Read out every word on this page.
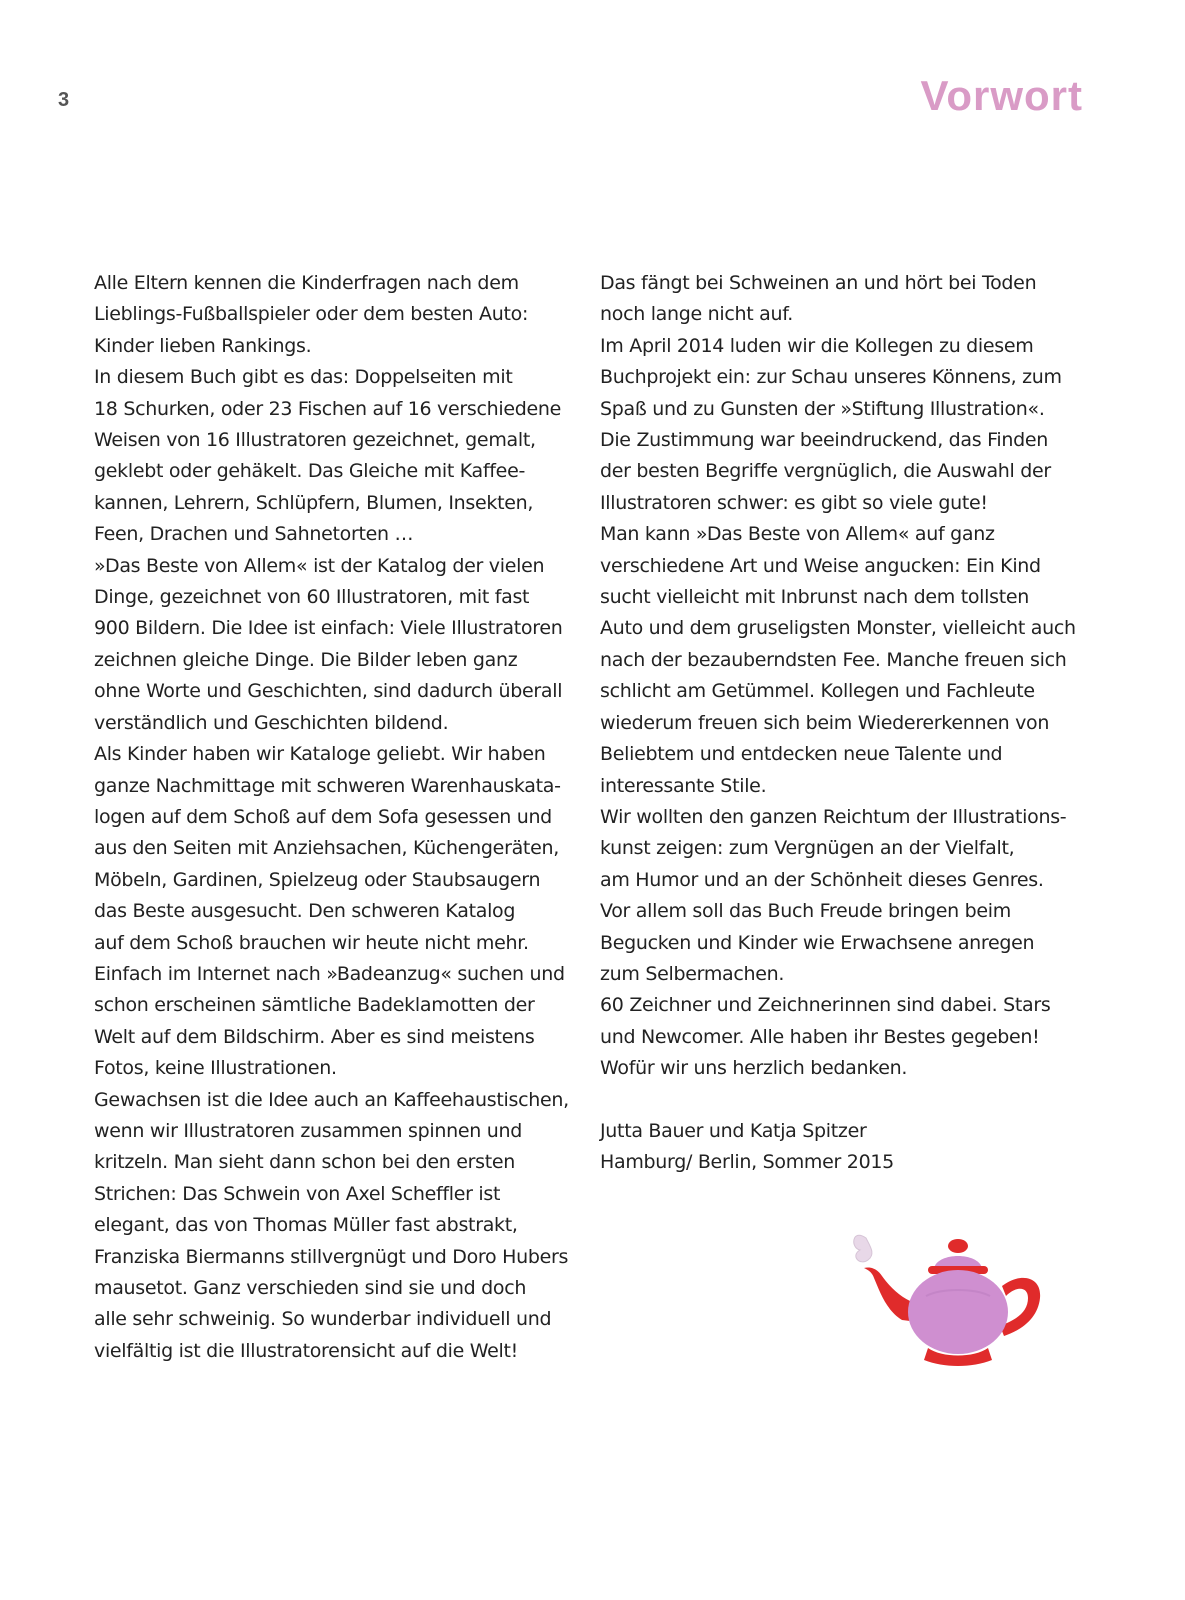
3	Vorwort
Alle Eltern kennen die Kinderfragen nach dem
Lieblings-Fußballspieler oder dem besten Auto:
Kinder lieben Rankings.
In diesem Buch gibt es das: Doppelseiten mit
18 Schurken, oder 23 Fischen auf 16 verschiedene
Weisen von 16 Illustratoren gezeichnet, gemalt,
geklebt oder gehäkelt. Das Gleiche mit Kaffee-
kannen, Lehrern, Schlüpfern, Blumen, Insekten,
Feen, Drachen und Sahnetorten …
»Das Beste von Allem« ist der Katalog der vielen
Dinge, gezeichnet von 60 Illustratoren, mit fast
900 Bildern. Die Idee ist einfach: Viele Illustratoren
zeichnen gleiche Dinge. Die Bilder leben ganz
ohne Worte und Geschichten, sind dadurch überall
verständlich und Geschichten bildend.
Als Kinder haben wir Kataloge geliebt. Wir haben
ganze Nachmittage mit schweren Warenhauskata-
logen auf dem Schoß auf dem Sofa gesessen und
aus den Seiten mit Anziehsachen, Küchengeräten,
Möbeln, Gardinen, Spielzeug oder Staubsaugern
das Beste ausgesucht. Den schweren Katalog
auf dem Schoß brauchen wir heute nicht mehr.
Einfach im Internet nach »Badeanzug« suchen und
schon erscheinen sämtliche Badeklamotten der
Welt auf dem Bildschirm. Aber es sind meistens
Fotos, keine Illustrationen.
Gewachsen ist die Idee auch an Kaffeehaustischen,
wenn wir Illustratoren zusammen spinnen und
kritzeln. Man sieht dann schon bei den ersten
Strichen: Das Schwein von Axel Scheffler ist
elegant, das von Thomas Müller fast abstrakt,
Franziska Biermanns stillvergnügt und Doro Hubers
mausetot. Ganz verschieden sind sie und doch
alle sehr schweinig. So wunderbar individuell und
vielfältig ist die Illustratorensicht auf die Welt!
Das fängt bei Schweinen an und hört bei Toden
noch lange nicht auf.
Im April 2014 luden wir die Kollegen zu diesem
Buchprojekt ein: zur Schau unseres Könnens, zum
Spaß und zu Gunsten der »Stiftung Illustration«.
Die Zustimmung war beeindruckend, das Finden
der besten Begriffe vergnüglich, die Auswahl der
Illustratoren schwer: es gibt so viele gute!
Man kann »Das Beste von Allem« auf ganz
verschiedene Art und Weise angucken: Ein Kind
sucht vielleicht mit Inbrunst nach dem tollsten
Auto und dem gruseligsten Monster, vielleicht auch
nach der bezauberndsten Fee. Manche freuen sich
schlicht am Getümmel. Kollegen und Fachleute
wiederum freuen sich beim Wiedererkennen von
Beliebtem und entdecken neue Talente und
interessante Stile.
Wir wollten den ganzen Reichtum der Illustrations-
kunst zeigen: zum Vergnügen an der Vielfalt,
am Humor und an der Schönheit dieses Genres.
Vor allem soll das Buch Freude bringen beim
Begucken und Kinder wie Erwachsene anregen
zum Selbermachen.
60 Zeichner und Zeichnerinnen sind dabei. Stars
und Newcomer. Alle haben ihr Bestes gegeben!
Wofür wir uns herzlich bedanken.
Jutta Bauer und Katja Spitzer
Hamburg/ Berlin, Sommer 2015
